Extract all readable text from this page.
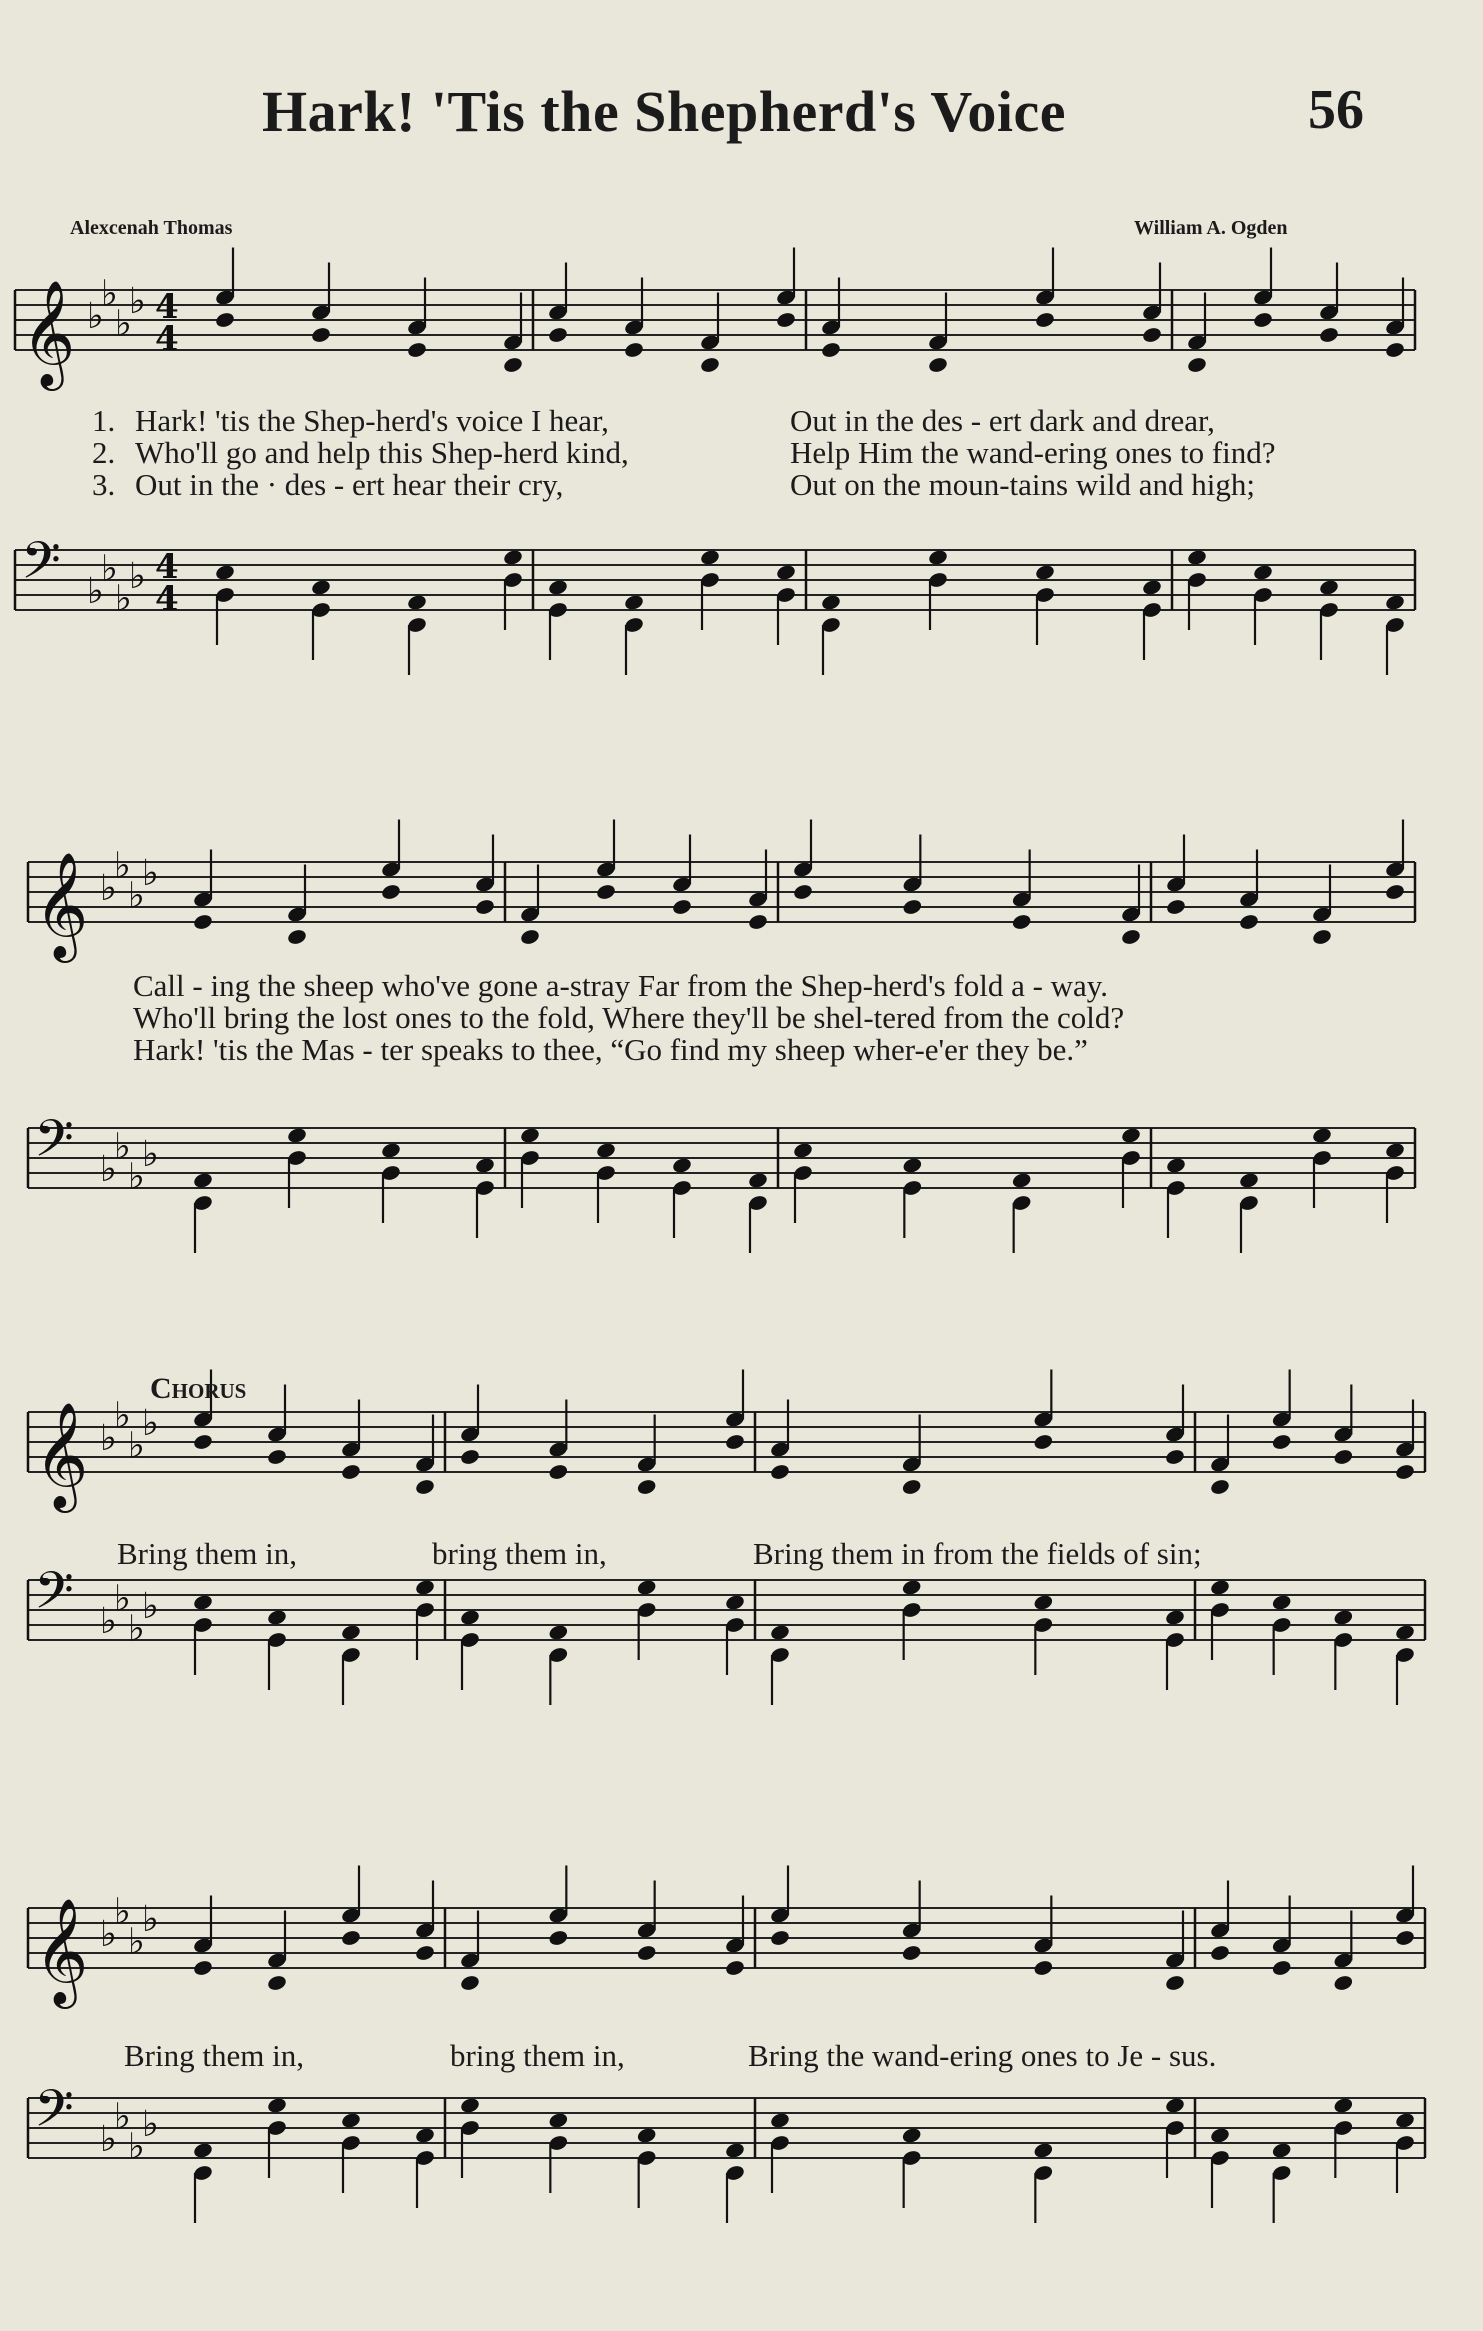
Hark! 'Tis the Shepherd's Voice	56
Alexcenah Thomas	William A. Ogden
𝄞 ♭
♭
♭
♭ 4
4
𝄢 ♭
♭
♭
♭ 4
4
𝄞 ♭
♭
♭
♭
𝄢 ♭
♭
♭
♭
𝄞 ♭
♭
♭
♭
𝄢 ♭
♭
♭
♭
𝄞 ♭
♭
♭
♭
𝄢 ♭
♭
♭
♭
1. Hark! 'tis the Shep-herd's voice I hear,	Out in the des - ert dark and drear,
2. Who'll go and help this Shep-herd kind,	Help Him the wand-ering ones to find?
3. Out in the · des - ert hear their cry,	Out on the moun-tains wild and high;
Call - ing the sheep who've gone a-stray Far from the Shep-herd's fold a - way.
Who'll bring the lost ones to the fold, Where they'll be shel-tered from the cold?
Hark! 'tis the Mas - ter speaks to thee, “Go find my sheep wher-e'er they be.”
Chorus
Bring them in,	bring them in,	Bring them in from the fields of sin;
Bring them in,	bring them in,	Bring the wand-ering ones to Je - sus.
